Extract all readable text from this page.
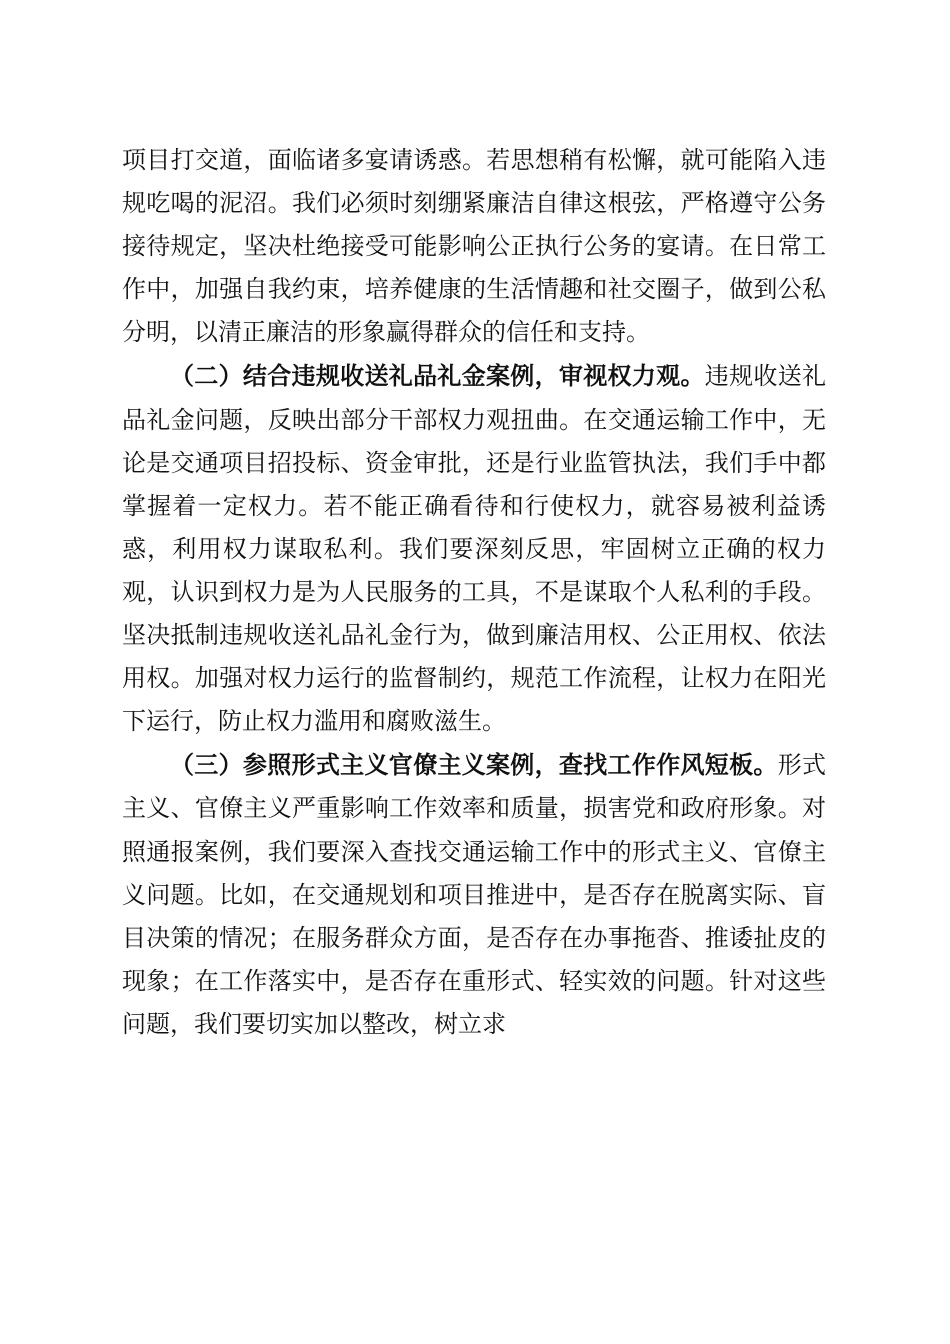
项目打交道，面临诸多宴请诱惑。若思想稍有松懈，就可能陷入违规吃喝的泥沼。我们必须时刻绷紧廉洁自律这根弦，严格遵守公务接待规定，坚决杜绝接受可能影响公正执行公务的宴请。在日常工作中，加强自我约束，培养健康的生活情趣和社交圈子，做到公私分明，以清正廉洁的形象赢得群众的信任和支持。

（二）结合违规收送礼品礼金案例，审视权力观。违规收送礼品礼金问题，反映出部分干部权力观扭曲。在交通运输工作中，无论是交通项目招投标、资金审批，还是行业监管执法，我们手中都掌握着一定权力。若不能正确看待和行使权力，就容易被利益诱惑，利用权力谋取私利。我们要深刻反思，牢固树立正确的权力观，认识到权力是为人民服务的工具，不是谋取个人私利的手段。坚决抵制违规收送礼品礼金行为，做到廉洁用权、公正用权、依法用权。加强对权力运行的监督制约，规范工作流程，让权力在阳光下运行，防止权力滥用和腐败滋生。

（三）参照形式主义官僚主义案例，查找工作作风短板。形式主义、官僚主义严重影响工作效率和质量，损害党和政府形象。对照通报案例，我们要深入查找交通运输工作中的形式主义、官僚主义问题。比如，在交通规划和项目推进中，是否存在脱离实际、盲目决策的情况；在服务群众方面，是否存在办事拖沓、推诿扯皮的现象；在工作落实中，是否存在重形式、轻实效的问题。针对这些问题，我们要切实加以整改，树立求
